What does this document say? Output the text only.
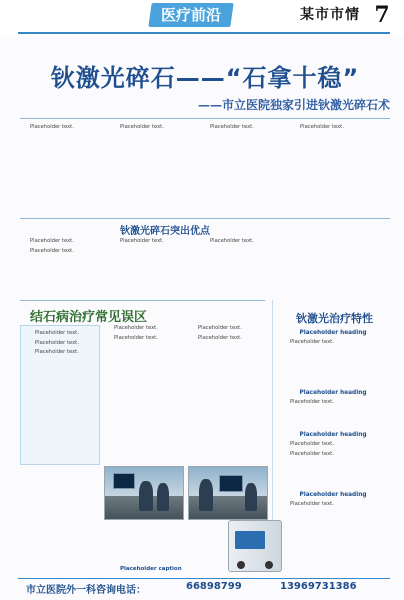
医疗前沿	某市市情 7
钬激光碎石——“石拿十稳”
——市立医院独家引进钬激光碎石术

Placeholder text.	Placeholder text.	Placeholder text.	Placeholder text.

钬激光碎石突出优点

Placeholder text.

Placeholder text.

Placeholder text.	Placeholder text.

结石病治疗常见误区

Placeholder text.

Placeholder text.

Placeholder text.

Placeholder text.

Placeholder text.

Placeholder text.

Placeholder text.

钬激光治疗特性
Placeholder heading

Placeholder text.

Placeholder heading

Placeholder text.

Placeholder heading

Placeholder text.

Placeholder text.

Placeholder heading

Placeholder text.

Placeholder caption
市立医院外一科咨询电话：	66898799	13969731386
